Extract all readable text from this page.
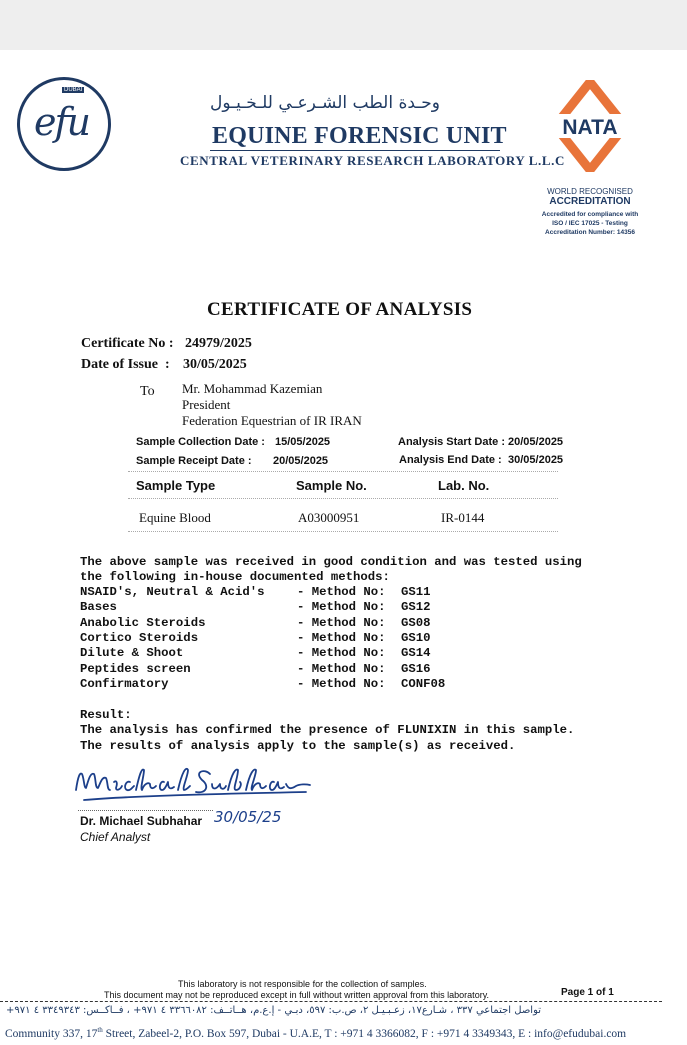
DUBAI
efu	وحـدة الطب الشـرعـي للـخـيـول
EQUINE FORENSIC UNIT
CENTRAL VETERINARY RESEARCH LABORATORY L.L.C
NATA
WORLD RECOGNISED
ACCREDITATION
Accredited for compliance with
ISO / IEC 17025 - Testing
Accreditation Number: 14356
CERTIFICATE OF ANALYSIS
Certificate No : 24979/2025
Date of Issue  : 30/05/2025
To Mr. Mohammad Kazemian
President
Federation Equestrian of IR IRAN
Sample Collection Date : 15/05/2025
Sample Receipt Date : 20/05/2025
Analysis Start Date : 20/05/2025
Analysis End Date : 30/05/2025
Sample Type	Sample No.	Lab. No.
Equine Blood	A03000951	IR-0144
The above sample was received in good condition and was tested using
the following in-house documented methods:
NSAID's, Neutral & Acid's	- Method No: GS11
Bases	- Method No: GS12
Anabolic Steroids	- Method No: GS08
Cortico Steroids	- Method No: GS10
Dilute & Shoot	- Method No: GS14
Peptides screen	- Method No: GS16
Confirmatory	- Method No: CONF08
Result:
The analysis has confirmed the presence of FLUNIXIN in this sample.
The results of analysis apply to the sample(s) as received.
30/05/25
Dr. Michael Subhahar
Chief Analyst
This laboratory is not responsible for the collection of samples.
This document may not be reproduced except in full without written approval from this laboratory.	Page 1 of 1
تواصل اجتماعي ٣٣٧ ، شـارع١٧، زعـبـيـل ٢، ص.ب: ٥٩٧، دبـي - إ.ع.م، هــاتــف: ٣٣٦٦٠٨٢ ٤ ٩٧١+ ، فــاكــس: ٣٣٤٩٣٤٣ ٤ ٩٧١+
Community 337, 17th Street, Zabeel-2, P.O. Box 597, Dubai - U.A.E, T : +971 4 3366082, F : +971 4 3349343, E : info@efudubai.com
